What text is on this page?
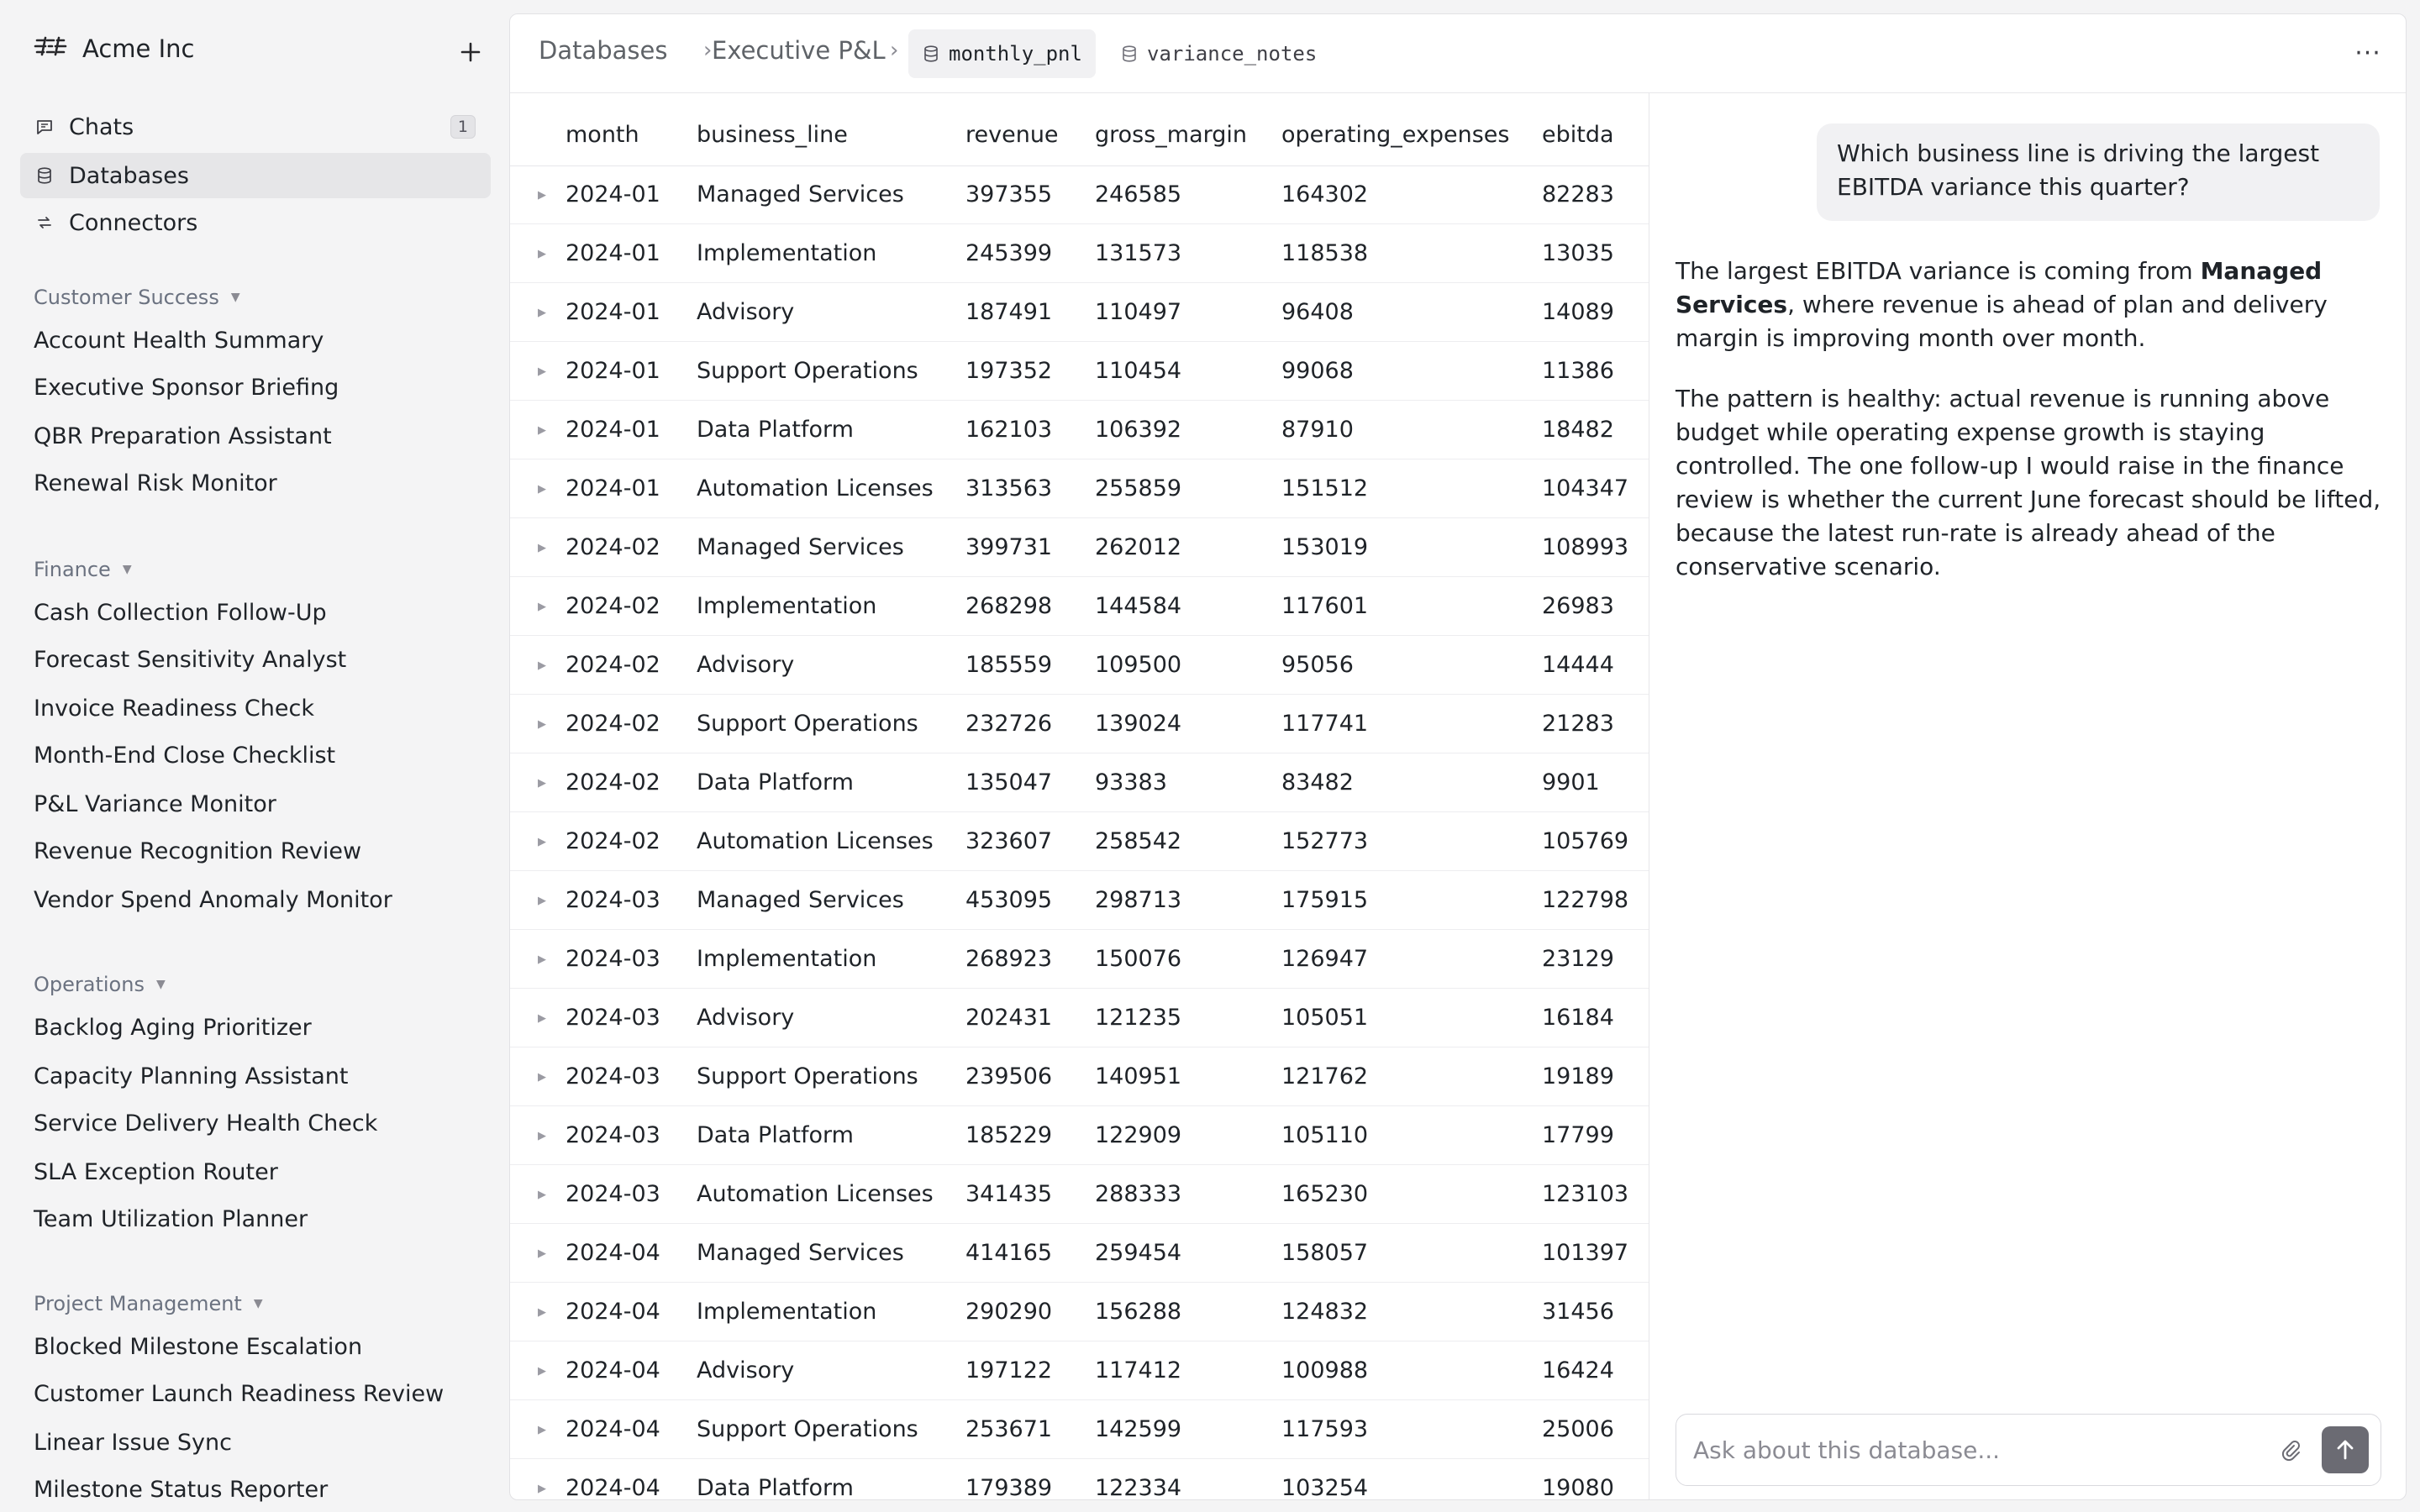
Acme Inc
Chats	1
Databases
Connectors
Customer Success ▼
Account Health Summary
Executive Sponsor Briefing
QBR Preparation Assistant
Renewal Risk Monitor
Finance ▼
Cash Collection Follow-Up
Forecast Sensitivity Analyst
Invoice Readiness Check
Month-End Close Checklist
P&L Variance Monitor
Revenue Recognition Review
Vendor Spend Anomaly Monitor
Operations ▼
Backlog Aging Prioritizer
Capacity Planning Assistant
Service Delivery Health Check
SLA Exception Router
Team Utilization Planner
Project Management ▼
Blocked Milestone Escalation
Customer Launch Readiness Review
Linear Issue Sync
Milestone Status Reporter
Databases › Executive P&L › monthly_pnl	variance_notes	···
month	business_line	revenue gross_margin operating_expenses ebitda
▶ 2024-01 Managed Services	397355 246585	164302	82283
▶ 2024-01 Implementation	245399 131573	118538	13035
▶ 2024-01 Advisory	187491 110497	96408	14089
▶ 2024-01 Support Operations 197352 110454	99068	11386
▶ 2024-01 Data Platform	162103 106392	87910	18482
▶ 2024-01 Automation Licenses 313563 255859	151512	104347
▶ 2024-02 Managed Services	399731 262012	153019	108993
▶ 2024-02 Implementation	268298 144584	117601	26983
▶ 2024-02 Advisory	185559 109500	95056	14444
▶ 2024-02 Support Operations 232726 139024	117741	21283
▶ 2024-02 Data Platform	135047 93383	83482	9901
▶ 2024-02 Automation Licenses 323607 258542	152773	105769
▶ 2024-03 Managed Services	453095 298713	175915	122798
▶ 2024-03 Implementation	268923 150076	126947	23129
▶ 2024-03 Advisory	202431 121235	105051	16184
▶ 2024-03 Support Operations 239506 140951	121762	19189
▶ 2024-03 Data Platform	185229 122909	105110	17799
▶ 2024-03 Automation Licenses 341435 288333	165230	123103
▶ 2024-04 Managed Services	414165 259454	158057	101397
▶ 2024-04 Implementation	290290 156288	124832	31456
▶ 2024-04 Advisory	197122 117412	100988	16424
▶ 2024-04 Support Operations 253671 142599	117593	25006
▶ 2024-04 Data Platform	179389 122334	103254	19080
Which business line is driving the largest EBITDA variance this quarter?

The largest EBITDA variance is coming from Managed Services, where revenue is ahead of plan and delivery margin is improving month over month.

The pattern is healthy: actual revenue is running above budget while operating expense growth is staying controlled. The one follow-up I would raise in the finance review is whether the current June forecast should be lifted, because the latest run-rate is already ahead of the conservative scenario.

Ask about this database...
